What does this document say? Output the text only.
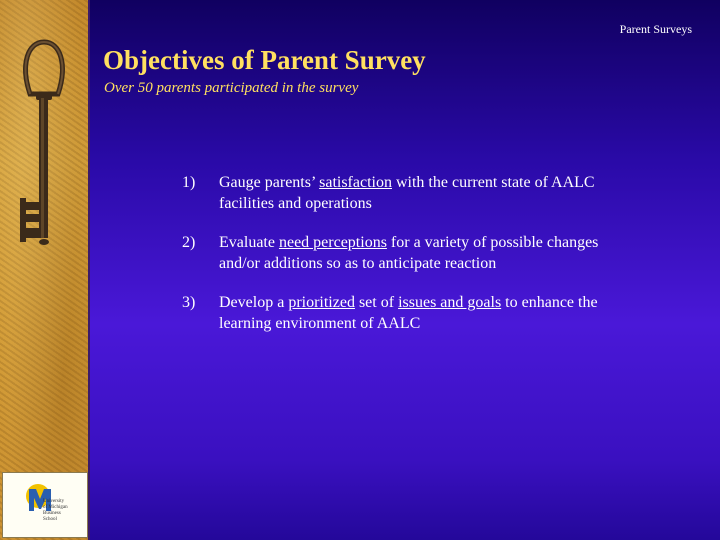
University
of Michigan
Business
School
Parent Surveys
Objectives of Parent Survey
Over 50 parents participated in the survey
1)	Gauge parents’ satisfaction with the current state of AALC facilities and operations
2)	Evaluate need perceptions for a variety of possible changes and/or additions so as to anticipate reaction
3)	Develop a prioritized set of issues and goals to enhance the learning environment of AALC
